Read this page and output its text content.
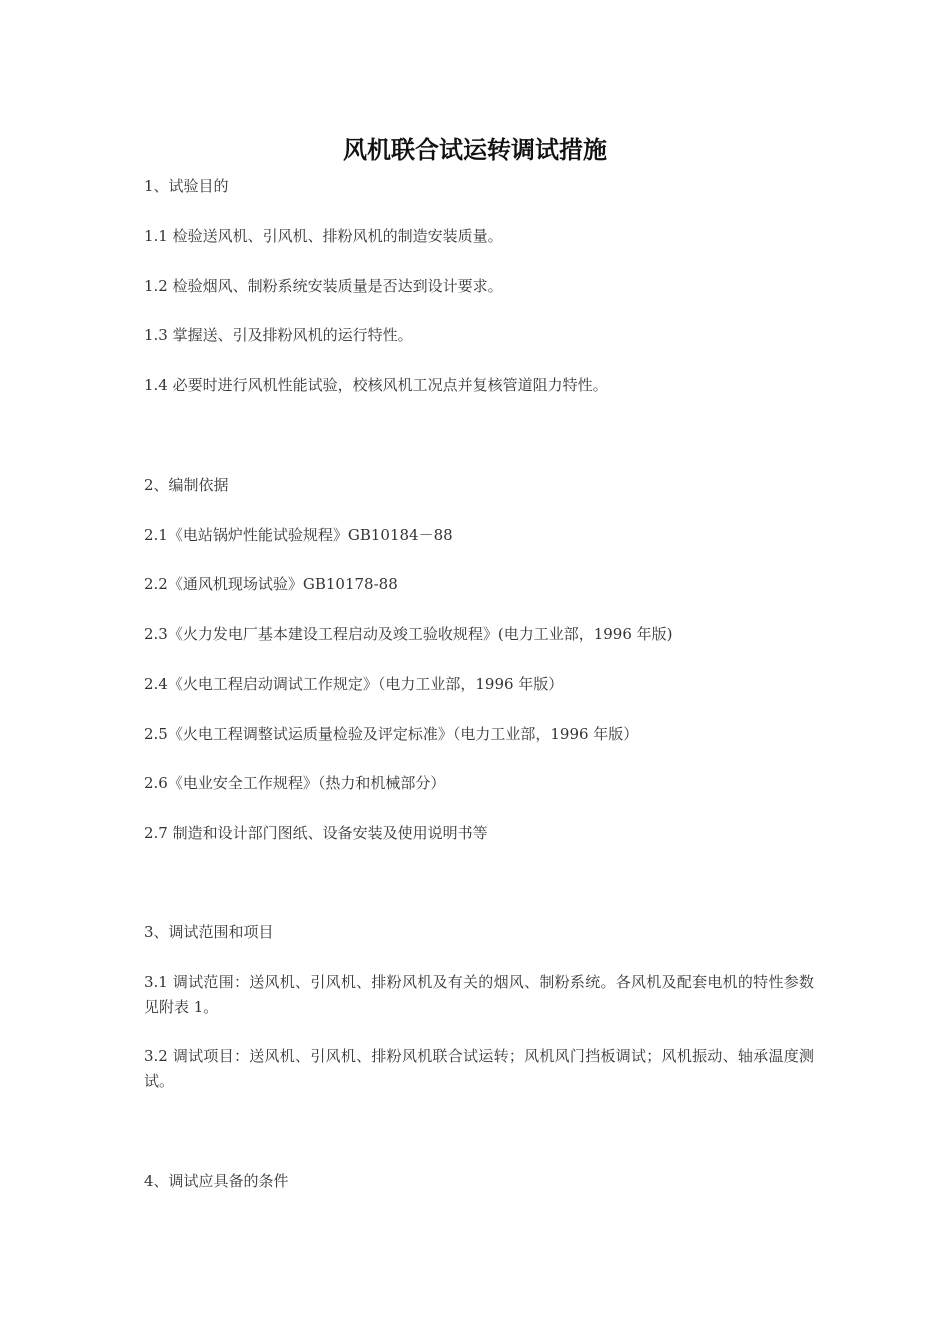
风机联合试运转调试措施
1、试验目的
1.1 检验送风机、引风机、排粉风机的制造安装质量。
1.2 检验烟风、制粉系统安装质量是否达到设计要求。
1.3 掌握送、引及排粉风机的运行特性。
1.4 必要时进行风机性能试验，校核风机工况点并复核管道阻力特性。
2、编制依据
2.1《电站锅炉性能试验规程》GB10184－88
2.2《通风机现场试验》GB10178-88
2.3《火力发电厂基本建设工程启动及竣工验收规程》(电力工业部，1996 年版)
2.4《火电工程启动调试工作规定》（电力工业部，1996 年版）
2.5《火电工程调整试运质量检验及评定标准》（电力工业部，1996 年版）
2.6《电业安全工作规程》（热力和机械部分）
2.7 制造和设计部门图纸、设备安装及使用说明书等
3、调试范围和项目
3.1 调试范围：送风机、引风机、排粉风机及有关的烟风、制粉系统。各风机及配套电机的特性参数见附表 1。
3.2 调试项目：送风机、引风机、排粉风机联合试运转；风机风门挡板调试；风机振动、轴承温度测试。
4、调试应具备的条件
